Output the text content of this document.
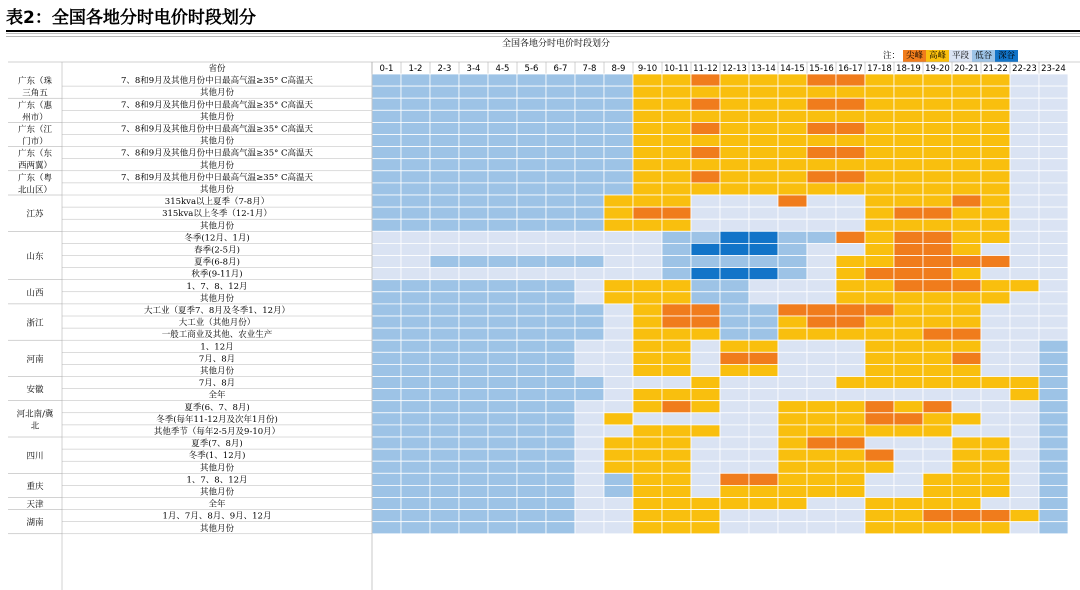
表2：全国各地分时电价时段划分
全国各地分时电价时段划分
注： 尖峰 高峰 平段 低谷 深谷
省份	0-1 1-2 2-3 3-4 4-5 5-6 6-7 7-8 8-9 9-10 10-11 11-12 12-13 13-14 14-15 15-16 16-17 17-18 18-19 19-20 20-21 21-22 22-23 23-24
7、8和9月及其他月份中日最高气温≥35° C高温天
其他月份
广东（珠
三角五
7、8和9月及其他月份中日最高气温≥35° C高温天
其他月份
广东（惠
州市）
7、8和9月及其他月份中日最高气温≥35° C高温天
其他月份
广东（江
门市）
7、8和9月及其他月份中日最高气温≥35° C高温天
其他月份
广东（东
西两翼）
7、8和9月及其他月份中日最高气温≥35° C高温天
其他月份
广东（粤
北山区）
315kva以上夏季（7-8月）
315kva以上冬季（12-1月）
其他月份
江苏
冬季(12月、1月)
春季(2-5月)
夏季(6-8月)
秋季(9-11月)
山东
1、7、8、12月
其他月份
山西
大工业（夏季7、8月及冬季1、12月）
大工业（其他月份）
一般工商业及其他、农业生产
浙江
1、12月
7月、8月
其他月份
河南
7月、8月
全年
安徽
夏季(6、7、8月)
冬季(每年11-12月及次年1月份)
其他季节（每年2-5月及9-10月）
河北南/冀
北
夏季(7、8月)
冬季(1、12月)
其他月份
四川
1、7、8、12月
其他月份
重庆
全年
天津
1月、7月、8月、9月、12月
其他月份
湖南
